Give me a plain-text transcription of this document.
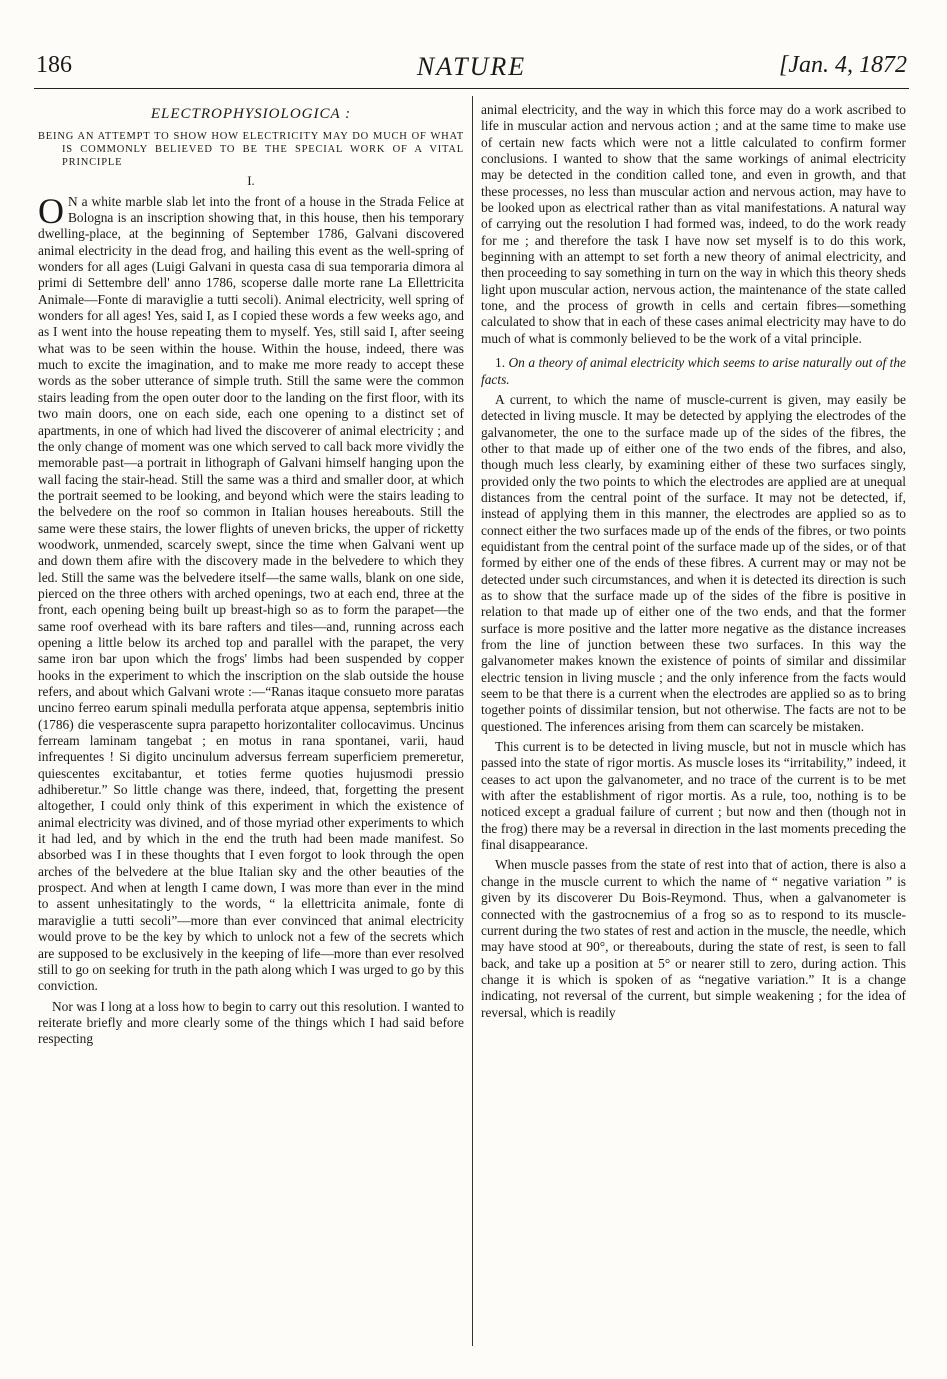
186	NATURE	[Jan. 4, 1872
ELECTROPHYSIOLOGICA :
BEING AN ATTEMPT TO SHOW HOW ELECTRICITY MAY DO MUCH OF WHAT IS COMMONLY BELIEVED TO BE THE SPECIAL WORK OF A VITAL PRINCIPLE
I.

O N a white marble slab let into the front of a house in the Strada Felice at Bologna is an inscription showing that, in this house, then his temporary dwelling-place, at the beginning of September 1786, Galvani discovered animal electricity in the dead frog, and hailing this event as the well-spring of wonders for all ages (Luigi Galvani in questa casa di sua temporaria dimora al primi di Settembre dell' anno 1786, scoperse dalle morte rane La Ellettricita Animale—Fonte di maraviglie a tutti secoli). Animal electricity, well spring of wonders for all ages! Yes, said I, as I copied these words a few weeks ago, and as I went into the house repeating them to myself. Yes, still said I, after seeing what was to be seen within the house. Within the house, indeed, there was much to excite the imagination, and to make me more ready to accept these words as the sober utterance of simple truth. Still the same were the common stairs leading from the open outer door to the landing on the first floor, with its two main doors, one on each side, each one opening to a distinct set of apartments, in one of which had lived the discoverer of animal electricity ; and the only change of moment was one which served to call back more vividly the memorable past—a portrait in lithograph of Galvani himself hanging upon the wall facing the stair-head. Still the same was a third and smaller door, at which the portrait seemed to be looking, and beyond which were the stairs leading to the belvedere on the roof so common in Italian houses hereabouts. Still the same were these stairs, the lower flights of uneven bricks, the upper of ricketty woodwork, unmended, scarcely swept, since the time when Galvani went up and down them afire with the discovery made in the belvedere to which they led. Still the same was the belvedere itself—the same walls, blank on one side, pierced on the three others with arched openings, two at each end, three at the front, each opening being built up breast-high so as to form the parapet—the same roof overhead with its bare rafters and tiles—and, running across each opening a little below its arched top and parallel with the parapet, the very same iron bar upon which the frogs' limbs had been suspended by copper hooks in the experiment to which the inscription on the slab outside the house refers, and about which Galvani wrote :—“Ranas itaque consueto more paratas uncino ferreo earum spinali medulla perforata atque appensa, septembris initio (1786) die vesperascente supra parapetto horizontaliter collocavimus. Uncinus ferream laminam tangebat ; en motus in rana spontanei, varii, haud infrequentes ! Si digito uncinulum adversus ferream superficiem premeretur, quiescentes excitabantur, et toties ferme quoties hujusmodi pressio adhiberetur.” So little change was there, indeed, that, forgetting the present altogether, I could only think of this experiment in which the existence of animal electricity was divined, and of those myriad other experiments to which it had led, and by which in the end the truth had been made manifest. So absorbed was I in these thoughts that I even forgot to look through the open arches of the belvedere at the blue Italian sky and the other beauties of the prospect. And when at length I came down, I was more than ever in the mind to assent unhesitatingly to the words, “ la ellettricita animale, fonte di maraviglie a tutti secoli”—more than ever convinced that animal electricity would prove to be the key by which to unlock not a few of the secrets which are supposed to be exclusively in the keeping of life—more than ever resolved still to go on seeking for truth in the path along which I was urged to go by this conviction.

Nor was I long at a loss how to begin to carry out this resolution. I wanted to reiterate briefly and more clearly some of the things which I had said before respecting

animal electricity, and the way in which this force may do a work ascribed to life in muscular action and nervous action ; and at the same time to make use of certain new facts which were not a little calculated to confirm former conclusions. I wanted to show that the same workings of animal electricity may be detected in the condition called tone, and even in growth, and that these processes, no less than muscular action and nervous action, may have to be looked upon as electrical rather than as vital manifestations. A natural way of carrying out the resolution I had formed was, indeed, to do the work ready for me ; and therefore the task I have now set myself is to do this work, beginning with an attempt to set forth a new theory of animal electricity, and then proceeding to say something in turn on the way in which this theory sheds light upon muscular action, nervous action, the maintenance of the state called tone, and the process of growth in cells and certain fibres—something calculated to show that in each of these cases animal electricity may have to do much of what is commonly believed to be the work of a vital principle.

1. On a theory of animal electricity which seems to arise naturally out of the facts.

A current, to which the name of muscle-current is given, may easily be detected in living muscle. It may be detected by applying the electrodes of the galvanometer, the one to the surface made up of the sides of the fibres, the other to that made up of either one of the two ends of the fibres, and also, though much less clearly, by examining either of these two surfaces singly, provided only the two points to which the electrodes are applied are at unequal distances from the central point of the surface. It may not be detected, if, instead of applying them in this manner, the electrodes are applied so as to connect either the two surfaces made up of the ends of the fibres, or two points equidistant from the central point of the surface made up of the sides, or of that formed by either one of the ends of these fibres. A current may or may not be detected under such circumstances, and when it is detected its direction is such as to show that the surface made up of the sides of the fibre is positive in relation to that made up of either one of the two ends, and that the former surface is more positive and the latter more negative as the distance increases from the line of junction between these two surfaces. In this way the galvanometer makes known the existence of points of similar and dissimilar electric tension in living muscle ; and the only inference from the facts would seem to be that there is a current when the electrodes are applied so as to bring together points of dissimilar tension, but not otherwise. The facts are not to be questioned. The inferences arising from them can scarcely be mistaken.

This current is to be detected in living muscle, but not in muscle which has passed into the state of rigor mortis. As muscle loses its “irritability,” indeed, it ceases to act upon the galvanometer, and no trace of the current is to be met with after the establishment of rigor mortis. As a rule, too, nothing is to be noticed except a gradual failure of current ; but now and then (though not in the frog) there may be a reversal in direction in the last moments preceding the final disappearance.

When muscle passes from the state of rest into that of action, there is also a change in the muscle current to which the name of “ negative variation ” is given by its discoverer Du Bois-Reymond. Thus, when a galvanometer is connected with the gastrocnemius of a frog so as to respond to its muscle-current during the two states of rest and action in the muscle, the needle, which may have stood at 90°, or thereabouts, during the state of rest, is seen to fall back, and take up a position at 5° or nearer still to zero, during action. This change it is which is spoken of as “negative variation.” It is a change indicating, not reversal of the current, but simple weakening ; for the idea of reversal, which is readily
